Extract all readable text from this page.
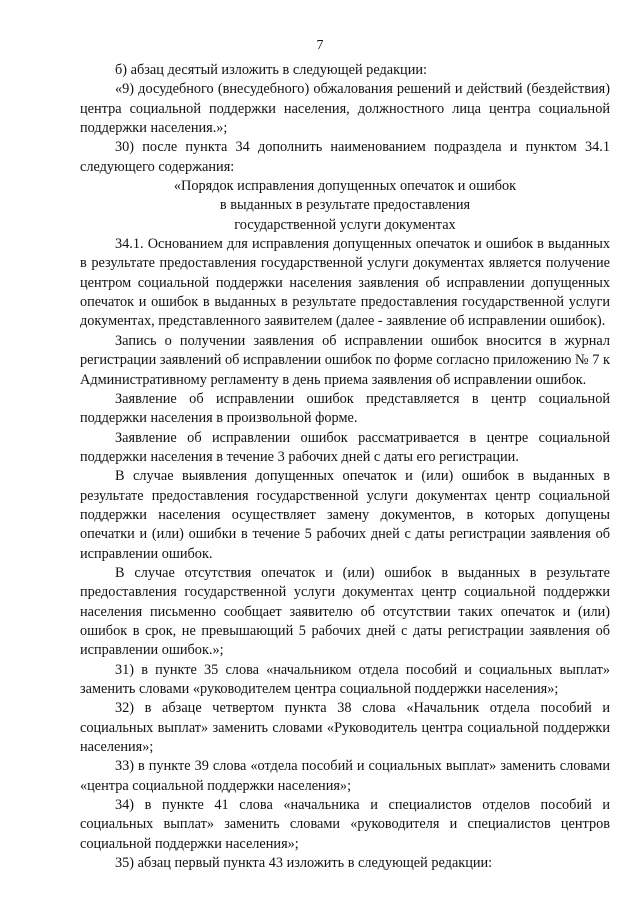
7

б) абзац десятый изложить в следующей редакции:

«9) досудебного (внесудебного) обжалования решений и действий (бездействия) центра социальной поддержки населения, должностного лица центра социальной поддержки населения.»;

30) после пункта 34 дополнить наименованием подраздела и пунктом 34.1 следующего содержания:

«Порядок исправления допущенных опечаток и ошибок
в выданных в результате предоставления
государственной услуги документах

34.1. Основанием для исправления допущенных опечаток и ошибок в выданных в результате предоставления государственной услуги документах является получение центром социальной поддержки населения заявления об исправлении допущенных опечаток и ошибок в выданных в результате предоставления государственной услуги документах, представленного заявителем (далее - заявление об исправлении ошибок).

Запись о получении заявления об исправлении ошибок вносится в журнал регистрации заявлений об исправлении ошибок по форме согласно приложению № 7 к Административному регламенту в день приема заявления об исправлении ошибок.

Заявление об исправлении ошибок представляется в центр социальной поддержки населения в произвольной форме.

Заявление об исправлении ошибок рассматривается в центре социальной поддержки населения в течение 3 рабочих дней с даты его регистрации.

В случае выявления допущенных опечаток и (или) ошибок в выданных в результате предоставления государственной услуги документах центр социальной поддержки населения осуществляет замену документов, в которых допущены опечатки и (или) ошибки в течение 5 рабочих дней с даты регистрации заявления об исправлении ошибок.

В случае отсутствия опечаток и (или) ошибок в выданных в результате предоставления государственной услуги документах центр социальной поддержки населения письменно сообщает заявителю об отсутствии таких опечаток и (или) ошибок в срок, не превышающий 5 рабочих дней с даты регистрации заявления об исправлении ошибок.»;

31) в пункте 35 слова «начальником отдела пособий и социальных выплат» заменить словами «руководителем центра социальной поддержки населения»;

32) в абзаце четвертом пункта 38 слова «Начальник отдела пособий и социальных выплат» заменить словами «Руководитель центра социальной поддержки населения»;

33) в пункте 39 слова «отдела пособий и социальных выплат» заменить словами «центра социальной поддержки населения»;

34) в пункте 41 слова «начальника и специалистов отделов пособий и социальных выплат» заменить словами «руководителя и специалистов центров социальной поддержки населения»;

35) абзац первый пункта 43 изложить в следующей редакции:
